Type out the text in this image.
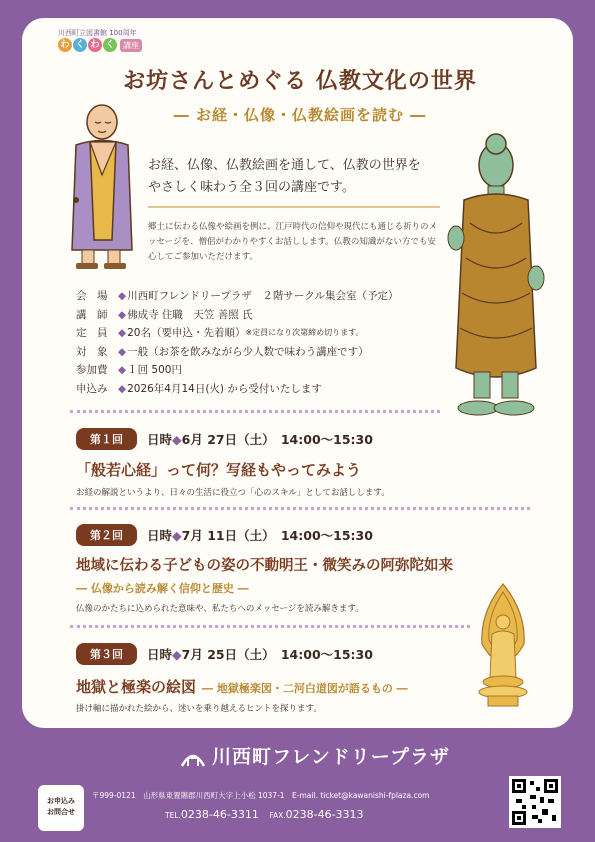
川西町立図書館 100周年
わ く わ く	講座
お坊さんとめぐる 仏教文化の世界
― お経・仏像・仏教絵画を読む ―
お経、仏像、仏教絵画を通して、仏教の世界を
やさしく味わう全３回の講座です。
郷土に伝わる仏像や絵画を例に、江戸時代の信仰や現代にも通じる祈りのメッセージを、僧侶がわかりやすくお話しします。仏教の知識がない方でも安心してご参加いただけます。
会　場	◆ 川西町フレンドリープラザ　２階サークル集会室（予定）
講　師	◆ 佛成寺 住職　天笠 善照 氏
定　員	◆ 20名（要申込・先着順） ※定員になり次第締め切ります。
対　象	◆ 一般（お茶を飲みながら少人数で味わう講座です）
参加費	◆ １回 500円
申込み	◆ 2026年4月14日(火) から受付いたします
第１回	日時◆6月 27日（土）　 14:00〜15:30
「般若心経」って何？写経もやってみよう
お経の解説というより、日々の生活に役立つ「心のスキル」としてお話しします。
第２回	日時◆7月 11日（土）　 14:00〜15:30
地域に伝わる子どもの姿の不動明王・微笑みの阿弥陀如来
― 仏像から読み解く信仰と歴史 ―
仏像のかたちに込められた意味や、私たちへのメッセージを読み解きます。
第３回	日時◆7月 25日（土）　 14:00〜15:30
地獄と極楽の絵図 ― 地獄極楽図・二河白道図が語るもの ―
掛け軸に描かれた絵から、迷いを乗り越えるヒントを探ります。
川西町フレンドリープラザ
お申込み
お問合せ
〒999-0121　山形県東置賜郡川西町大字上小松 1037-1　E-mail. ticket@kawanishi-fplaza.com
TEL.0238-46-3311 FAX.0238-46-3313
